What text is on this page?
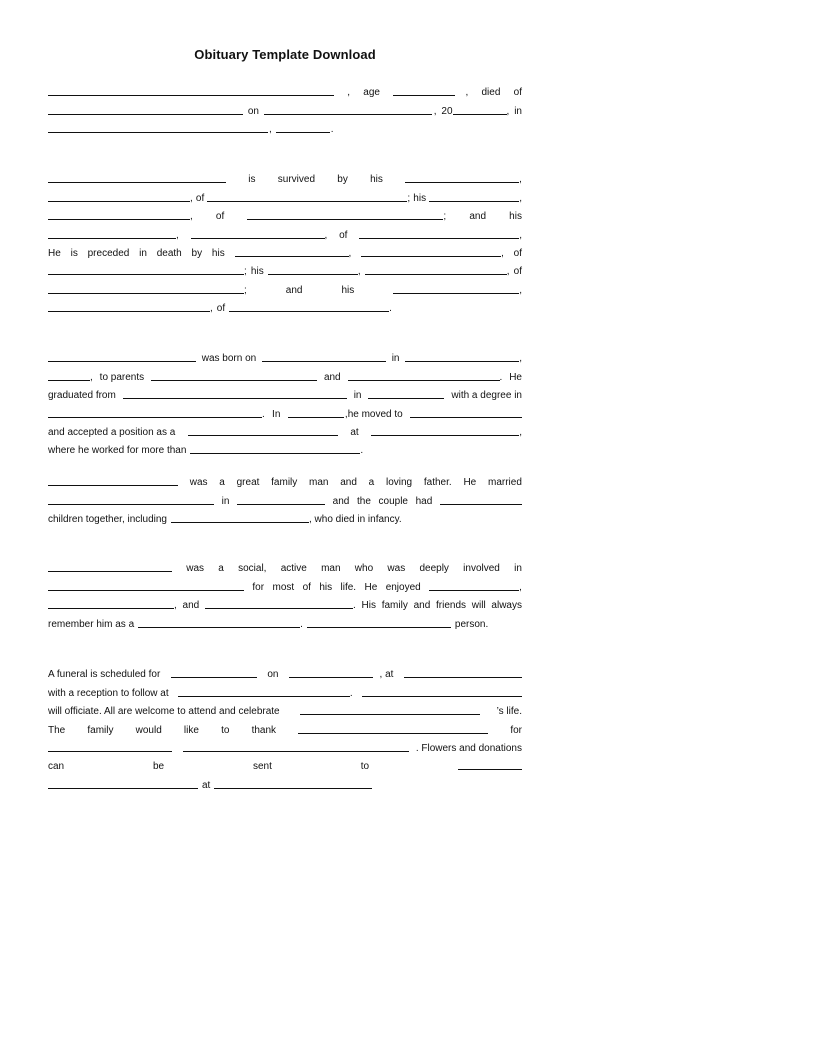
Obituary Template Download
, age	, died of
on	, 20	, in
,	.
is survived by his	,
, of	; his	,
, of	; and his
,	, of	,
He is preceded in death by his	,	, of
; his	,	, of
;	and	his	,
, of	.
was born on	in	,
, to parents	and	. He
graduated from	in	with a degree in
. In	,he moved to
and accepted a position as a	at	,
where he worked for more than	.
was a great family man and a loving father. He married
in	and the couple had
children together, including	, who died in infancy.
was a social, active man who was deeply involved in
for most of his life. He enjoyed	,
, and	. His family and friends will always
remember him as a	.	person.
A funeral is scheduled for	on	, at
with a reception to follow at	.
will officiate. All are welcome to attend and celebrate	’s life.
The family would like to thank	for
. Flowers and donations
can	be	sent	to
at
